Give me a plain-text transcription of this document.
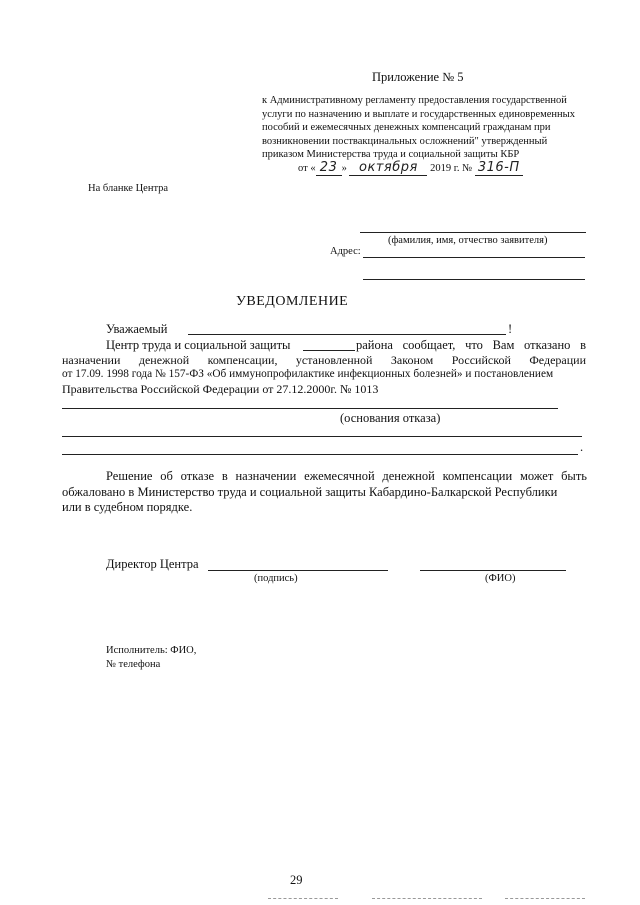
Приложение № 5
к Административному регламенту предоставления государственной
услуги по назначению и выплате и государственных единовременных
пособий и ежемесячных денежных компенсаций гражданам при
возникновении поствакцинальных осложнений" утвержденный
приказом Министерства труда и социальной защиты КБР
от « 23 » октября 2019 г. № 316-П
На бланке Центра
(фамилия, имя, отчество заявителя)
Адрес:
УВЕДОМЛЕНИЕ
Уважаемый	!
Центр труда и социальной защиты	района сообщает, что Вам отказано в
назначении денежной компенсации, установленной Законом Российской Федерации
от 17.09. 1998 года № 157-ФЗ «Об иммунопрофилактике инфекционных болезней» и постановлением
Правительства Российской Федерации от 27.12.2000г. № 1013
(основания отказа)
.
Решение об отказе в назначении ежемесячной денежной компенсации может быть
обжаловано в Министерство труда и социальной защиты Кабардино-Балкарской Республики
или в судебном порядке.
Директор Центра
(подпись)	(ФИО)
Исполнитель: ФИО,
№ телефона
29
